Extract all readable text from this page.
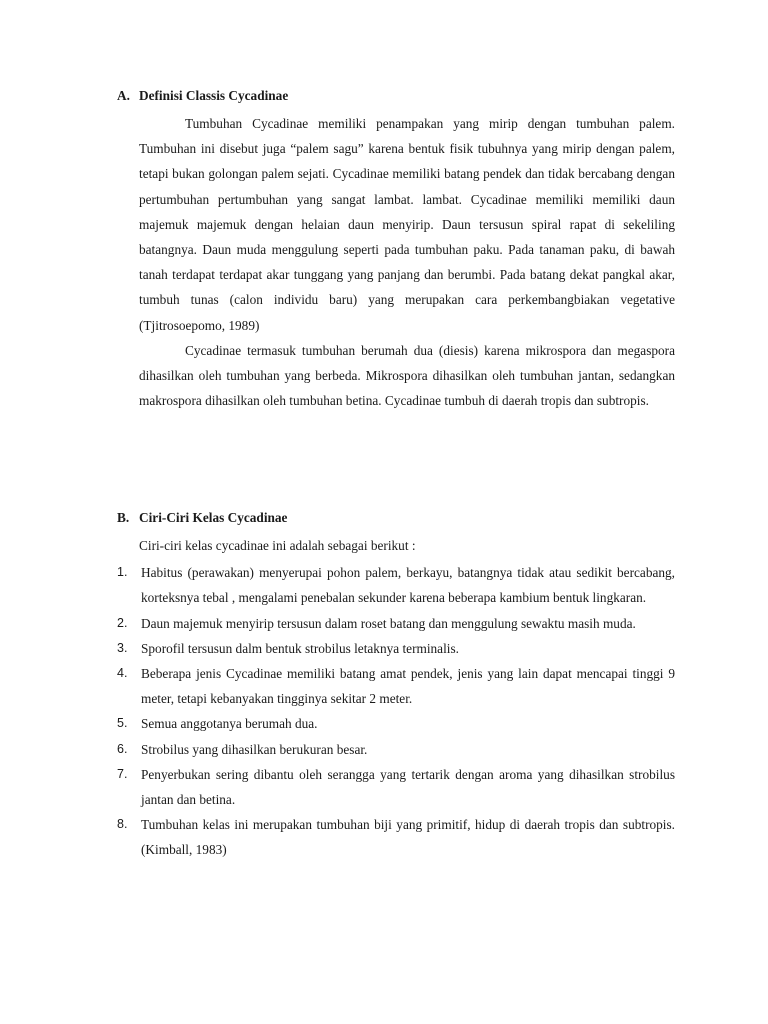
A. Definisi Classis Cycadinae

Tumbuhan Cycadinae memiliki penampakan yang mirip dengan tumbuhan palem. Tumbuhan ini disebut juga “palem sagu” karena bentuk fisik tubuhnya yang mirip dengan palem, tetapi bukan golongan palem sejati. Cycadinae memiliki batang pendek dan tidak bercabang dengan pertumbuhan pertumbuhan yang sangat lambat. lambat. Cycadinae memiliki memiliki daun majemuk majemuk dengan helaian daun menyirip. Daun tersusun spiral rapat di sekeliling batangnya. Daun muda menggulung seperti pada tumbuhan paku. Pada tanaman paku, di bawah tanah terdapat terdapat akar tunggang yang panjang dan berumbi. Pada batang dekat pangkal akar, tumbuh tunas (calon individu baru) yang merupakan cara perkembangbiakan vegetative (Tjitrosoepomo, 1989)

Cycadinae termasuk tumbuhan berumah dua (diesis) karena mikrospora dan megaspora dihasilkan oleh tumbuhan yang berbeda. Mikrospora dihasilkan oleh tumbuhan jantan, sedangkan makrospora dihasilkan oleh tumbuhan betina. Cycadinae tumbuh di daerah tropis dan subtropis.

B. Ciri-Ciri Kelas Cycadinae

Ciri-ciri kelas cycadinae ini adalah sebagai berikut :

1.	Habitus (perawakan) menyerupai pohon palem, berkayu, batangnya tidak atau sedikit bercabang, korteksnya tebal , mengalami penebalan sekunder karena beberapa kambium bentuk lingkaran.
2.	Daun majemuk menyirip tersusun dalam roset batang dan menggulung sewaktu masih muda.
3.	Sporofil tersusun dalm bentuk strobilus letaknya terminalis.
4.	Beberapa jenis Cycadinae memiliki batang amat pendek, jenis yang lain dapat mencapai tinggi 9 meter, tetapi kebanyakan tingginya sekitar 2 meter.
5.	Semua anggotanya berumah dua.
6.	Strobilus yang dihasilkan berukuran besar.
7.	Penyerbukan sering dibantu oleh serangga yang tertarik dengan aroma yang dihasilkan strobilus jantan dan betina.
8.	Tumbuhan kelas ini merupakan tumbuhan biji yang primitif, hidup di daerah tropis dan subtropis. (Kimball, 1983)
